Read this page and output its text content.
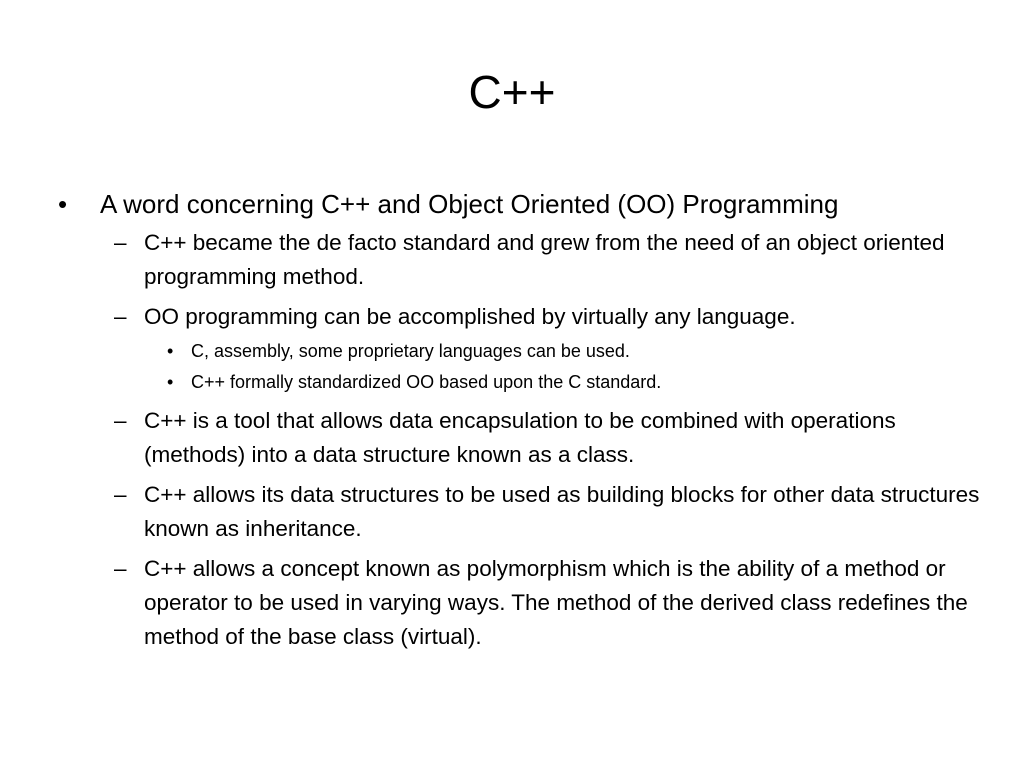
C++
•	A word concerning C++ and Object Oriented (OO) Programming
– C++ became the de facto standard and grew from the need of an object oriented programming method.
– OO programming can be accomplished by virtually any language.
• C, assembly, some proprietary languages can be used.
• C++ formally standardized OO based upon the C standard.
– C++ is a tool that allows data encapsulation to be combined with operations (methods) into a data structure known as a class.
– C++ allows its data structures to be used as building blocks for other data structures known as inheritance.
– C++ allows a concept known as polymorphism which is the ability of a method or operator to be used in varying ways. The method of the derived class redefines the method of the base class (virtual).
